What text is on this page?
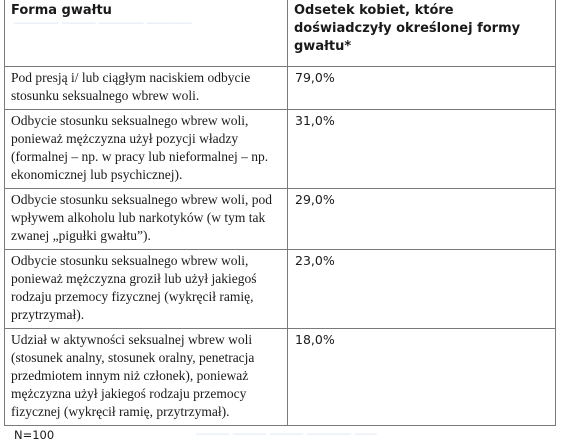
———— ——— ———— ————
——— ——— ——— ———— ——
Forma gwałtu	Odsetek kobiet, które doświadczyły określonej formy gwałtu*
Pod presją i/ lub ciągłym naciskiem odbycie stosunku seksualnego wbrew woli.	79,0%
Odbycie stosunku seksualnego wbrew woli, ponieważ mężczyzna użył pozycji władzy (formalnej – np. w pracy lub nieformalnej – np. ekonomicznej lub psychicznej).	31,0%
Odbycie stosunku seksualnego wbrew woli, pod wpływem alkoholu lub narkotyków (w tym tak zwanej „pigułki gwałtu”).	29,0%
Odbycie stosunku seksualnego wbrew woli, ponieważ mężczyzna groził lub użył jakiegoś rodzaju przemocy fizycznej (wykręcił ramię, przytrzymał).	23,0%
Udział w aktywności seksualnej wbrew woli (stosunek analny, stosunek oralny, penetracja przedmiotem innym niż członek), ponieważ mężczyzna użył jakiegoś rodzaju przemocy fizycznej (wykręcił ramię, przytrzymał).	18,0%
N=100
